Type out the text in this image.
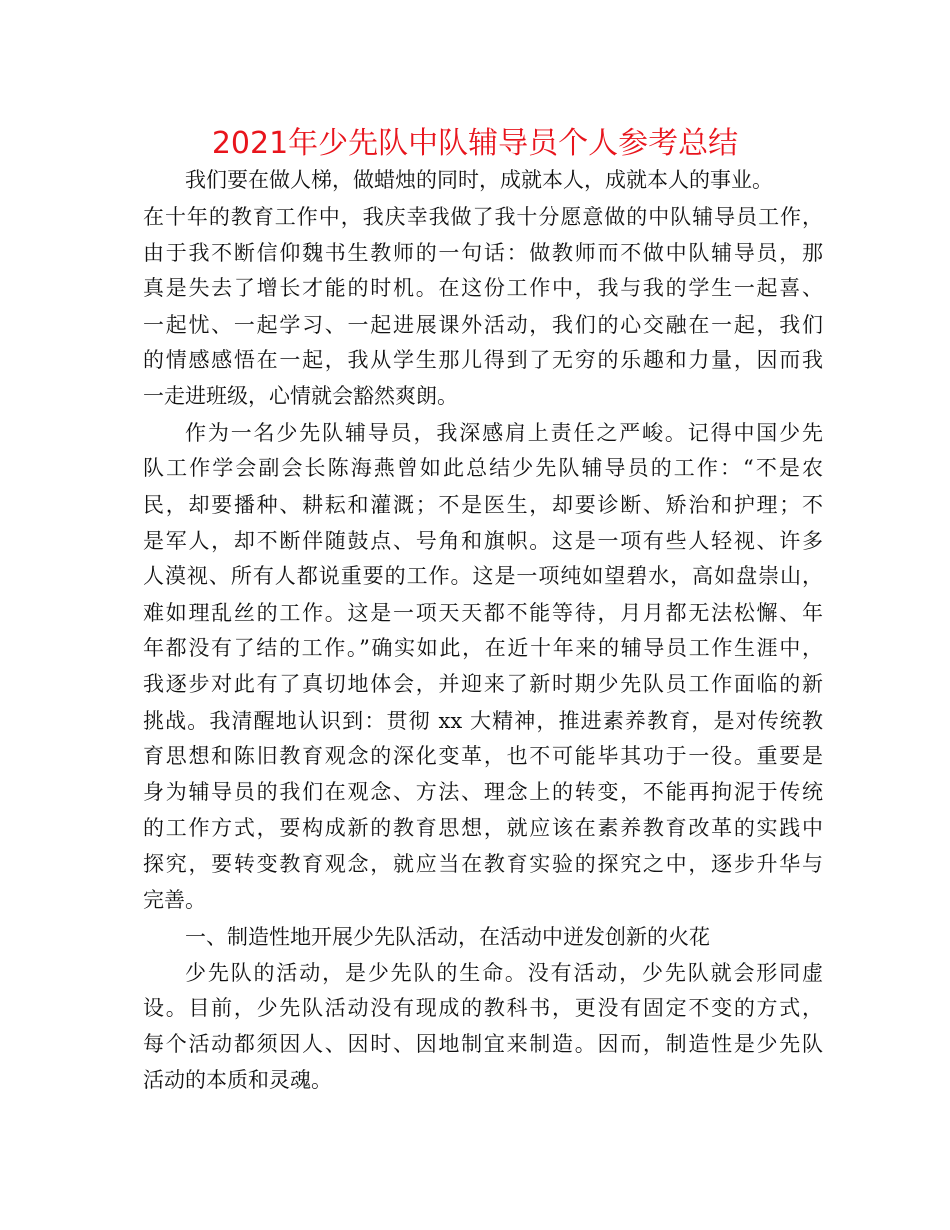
2021年少先队中队辅导员个人参考总结
我们要在做人梯，做蜡烛的同时，成就本人，成就本人的事业。
在十年的教育工作中，我庆幸我做了我十分愿意做的中队辅导员工作，
由于我不断信仰魏书生教师的一句话：做教师而不做中队辅导员，那
真是失去了增长才能的时机。在这份工作中，我与我的学生一起喜、
一起忧、一起学习、一起进展课外活动，我们的心交融在一起，我们
的情感感悟在一起，我从学生那儿得到了无穷的乐趣和力量，因而我
一走进班级，心情就会豁然爽朗。
作为一名少先队辅导员，我深感肩上责任之严峻。记得中国少先
队工作学会副会长陈海燕曾如此总结少先队辅导员的工作：“不是农
民，却要播种、耕耘和灌溉；不是医生，却要诊断、矫治和护理；不
是军人，却不断伴随鼓点、号角和旗帜。这是一项有些人轻视、许多
人漠视、所有人都说重要的工作。这是一项纯如望碧水，高如盘崇山，
难如理乱丝的工作。这是一项天天都不能等待，月月都无法松懈、年
年都没有了结的工作。”确实如此，在近十年来的辅导员工作生涯中，
我逐步对此有了真切地体会，并迎来了新时期少先队员工作面临的新
挑战。我清醒地认识到：贯彻 xx 大精神，推进素养教育，是对传统教
育思想和陈旧教育观念的深化变革，也不可能毕其功于一役。重要是
身为辅导员的我们在观念、方法、理念上的转变，不能再拘泥于传统
的工作方式，要构成新的教育思想，就应该在素养教育改革的实践中
探究，要转变教育观念，就应当在教育实验的探究之中，逐步升华与
完善。
一、制造性地开展少先队活动，在活动中迸发创新的火花
少先队的活动，是少先队的生命。没有活动，少先队就会形同虚
设。目前，少先队活动没有现成的教科书，更没有固定不变的方式，
每个活动都须因人、因时、因地制宜来制造。因而，制造性是少先队
活动的本质和灵魂。
